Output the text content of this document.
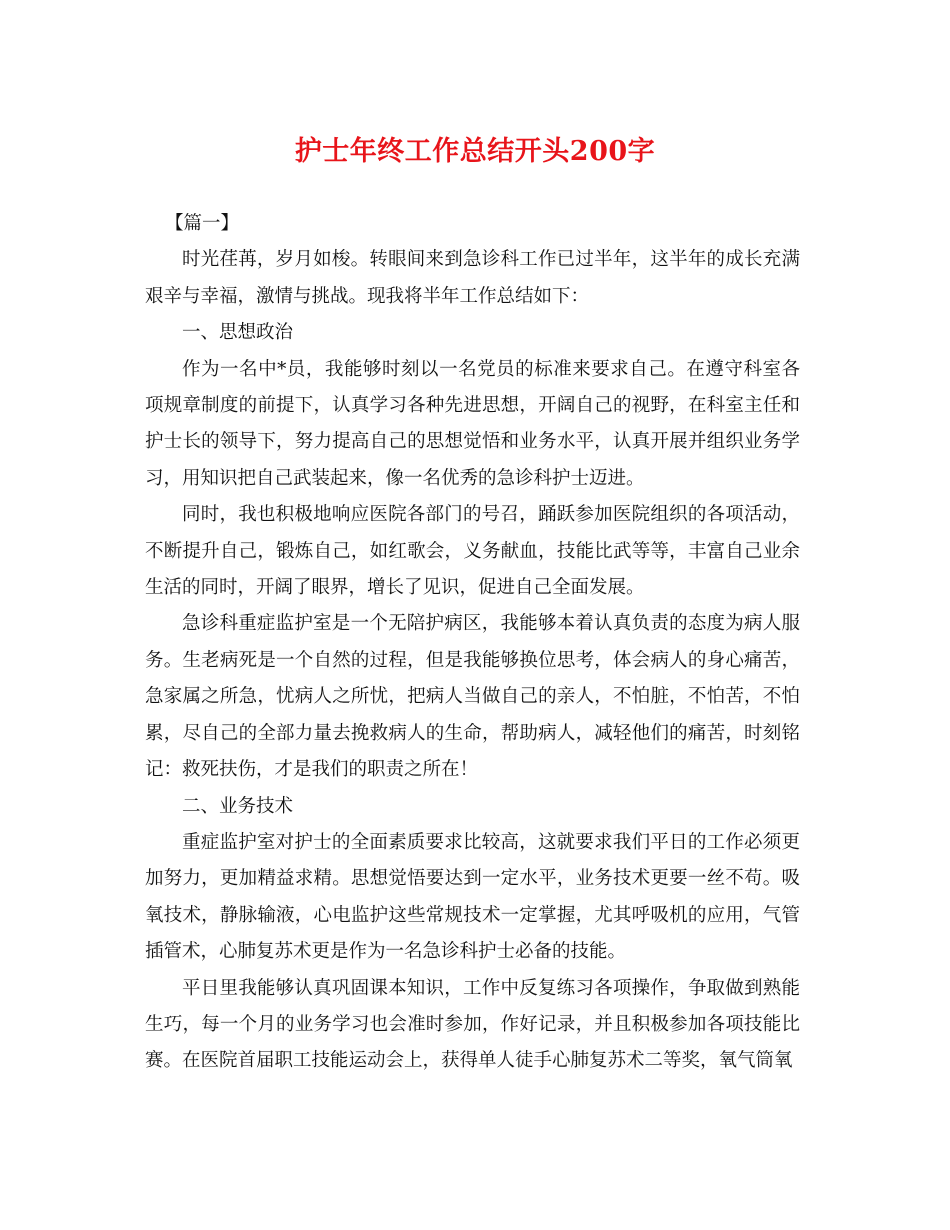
护士年终工作总结开头200字

【篇一】

时光荏苒，岁月如梭。转眼间来到急诊科工作已过半年，这半年的成长充满艰辛与幸福，激情与挑战。现我将半年工作总结如下：

一、思想政治

作为一名中*员，我能够时刻以一名党员的标准来要求自己。在遵守科室各项规章制度的前提下，认真学习各种先进思想，开阔自己的视野，在科室主任和护士长的领导下，努力提高自己的思想觉悟和业务水平，认真开展并组织业务学习，用知识把自己武装起来，像一名优秀的急诊科护士迈进。

同时，我也积极地响应医院各部门的号召，踊跃参加医院组织的各项活动，不断提升自己，锻炼自己，如红歌会，义务献血，技能比武等等，丰富自己业余生活的同时，开阔了眼界，增长了见识，促进自己全面发展。

急诊科重症监护室是一个无陪护病区，我能够本着认真负责的态度为病人服务。生老病死是一个自然的过程，但是我能够换位思考，体会病人的身心痛苦，急家属之所急，忧病人之所忧，把病人当做自己的亲人，不怕脏，不怕苦，不怕累，尽自己的全部力量去挽救病人的生命，帮助病人，减轻他们的痛苦，时刻铭记：救死扶伤，才是我们的职责之所在！

二、业务技术

重症监护室对护士的全面素质要求比较高，这就要求我们平日的工作必须更加努力，更加精益求精。思想觉悟要达到一定水平，业务技术更要一丝不苟。吸氧技术，静脉输液，心电监护这些常规技术一定掌握，尤其呼吸机的应用，气管插管术，心肺复苏术更是作为一名急诊科护士必备的技能。

平日里我能够认真巩固课本知识，工作中反复练习各项操作，争取做到熟能生巧，每一个月的业务学习也会准时参加，作好记录，并且积极参加各项技能比赛。在医院首届职工技能运动会上，获得单人徒手心肺复苏术二等奖，氧气筒氧
